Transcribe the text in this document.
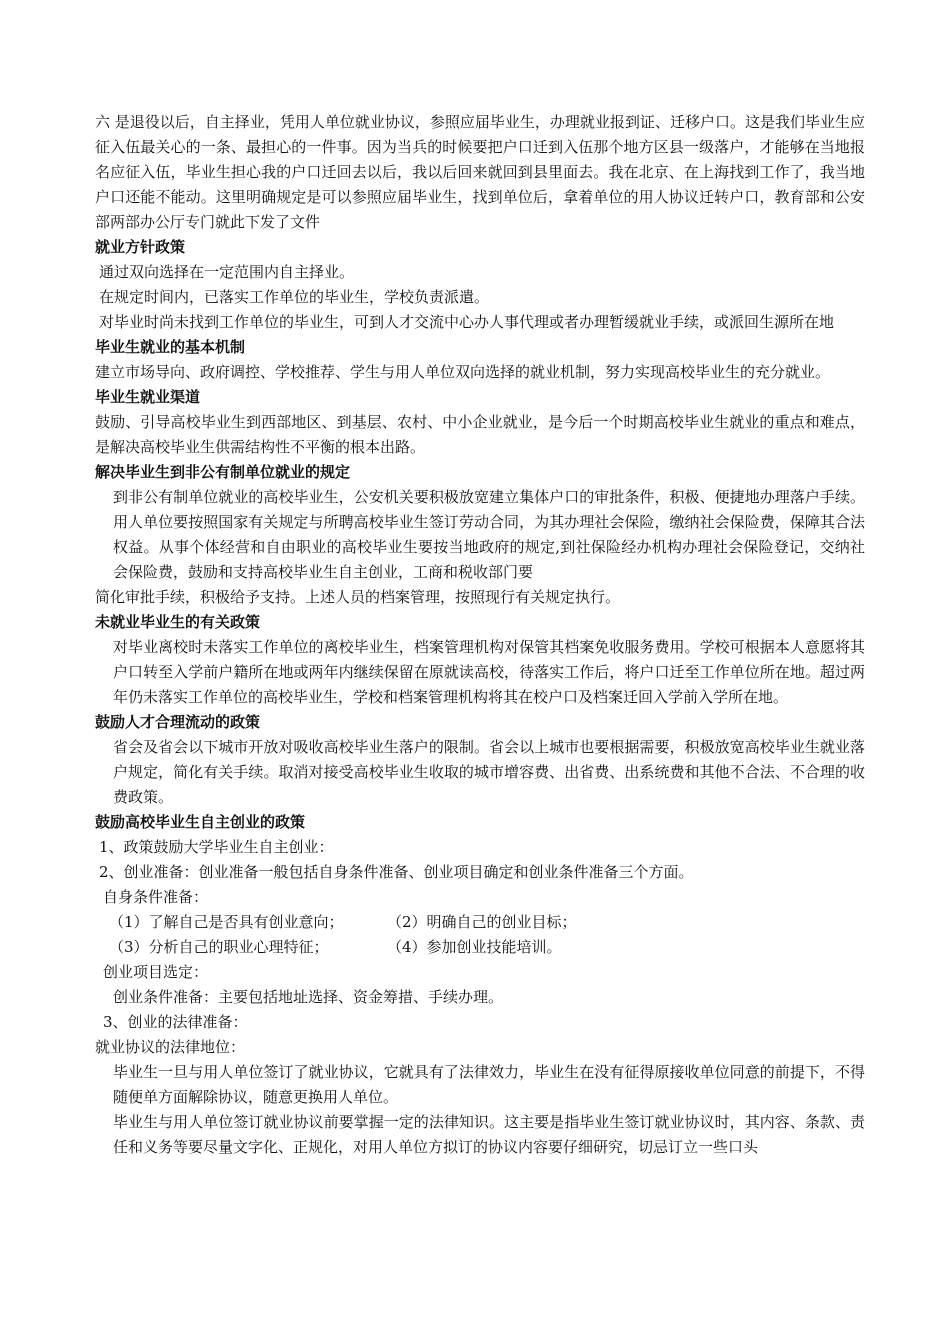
六 是退役以后，自主择业，凭用人单位就业协议，参照应届毕业生，办理就业报到证、迁移户口。这是我们毕业生应征入伍最关心的一条、最担心的一件事。因为当兵的时候要把户口迁到入伍那个地方区县一级落户，才能够在当地报名应征入伍，毕业生担心我的户口迁回去以后，我以后回来就回到县里面去。我在北京、在上海找到工作了，我当地户口还能不能动。这里明确规定是可以参照应届毕业生，找到单位后，拿着单位的用人协议迁转户口，教育部和公安部两部办公厅专门就此下发了文件

就业方针政策

通过双向选择在一定范围内自主择业。

在规定时间内，已落实工作单位的毕业生，学校负责派遣。

对毕业时尚未找到工作单位的毕业生，可到人才交流中心办人事代理或者办理暂缓就业手续，或派回生源所在地

毕业生就业的基本机制

建立市场导向、政府调控、学校推荐、学生与用人单位双向选择的就业机制，努力实现高校毕业生的充分就业。

毕业生就业渠道

鼓励、引导高校毕业生到西部地区、到基层、农村、中小企业就业，是今后一个时期高校毕业生就业的重点和难点，是解决高校毕业生供需结构性不平衡的根本出路。

解决毕业生到非公有制单位就业的规定

到非公有制单位就业的高校毕业生，公安机关要积极放宽建立集体户口的审批条件，积极、便捷地办理落户手续。用人单位要按照国家有关规定与所聘高校毕业生签订劳动合同，为其办理社会保险，缴纳社会保险费，保障其合法权益。从事个体经营和自由职业的高校毕业生要按当地政府的规定,到社保险经办机构办理社会保险登记，交纳社会保险费，鼓励和支持高校毕业生自主创业，工商和税收部门要

简化审批手续，积极给予支持。上述人员的档案管理，按照现行有关规定执行。

未就业毕业生的有关政策

对毕业离校时未落实工作单位的离校毕业生，档案管理机构对保管其档案免收服务费用。学校可根据本人意愿将其户口转至入学前户籍所在地或两年内继续保留在原就读高校，待落实工作后，将户口迁至工作单位所在地。超过两年仍未落实工作单位的高校毕业生，学校和档案管理机构将其在校户口及档案迁回入学前入学所在地。

鼓励人才合理流动的政策

省会及省会以下城市开放对吸收高校毕业生落户的限制。省会以上城市也要根据需要，积极放宽高校毕业生就业落户规定，简化有关手续。取消对接受高校毕业生收取的城市增容费、出省费、出系统费和其他不合法、不合理的收费政策。

鼓励高校毕业生自主创业的政策

1、政策鼓励大学毕业生自主创业：

2、创业准备：创业准备一般包括自身条件准备、创业项目确定和创业条件准备三个方面。

自身条件准备：

（1）了解自己是否具有创业意向；	（2）明确自己的创业目标；

（3）分析自己的职业心理特征；	（4）参加创业技能培训。

创业项目选定：

创业条件准备：主要包括地址选择、资金筹措、手续办理。

3、创业的法律准备：

就业协议的法律地位：

毕业生一旦与用人单位签订了就业协议，它就具有了法律效力，毕业生在没有征得原接收单位同意的前提下，不得随便单方面解除协议，随意更换用人单位。

毕业生与用人单位签订就业协议前要掌握一定的法律知识。这主要是指毕业生签订就业协议时，其内容、条款、责任和义务等要尽量文字化、正规化，对用人单位方拟订的协议内容要仔细研究，切忌订立一些口头
